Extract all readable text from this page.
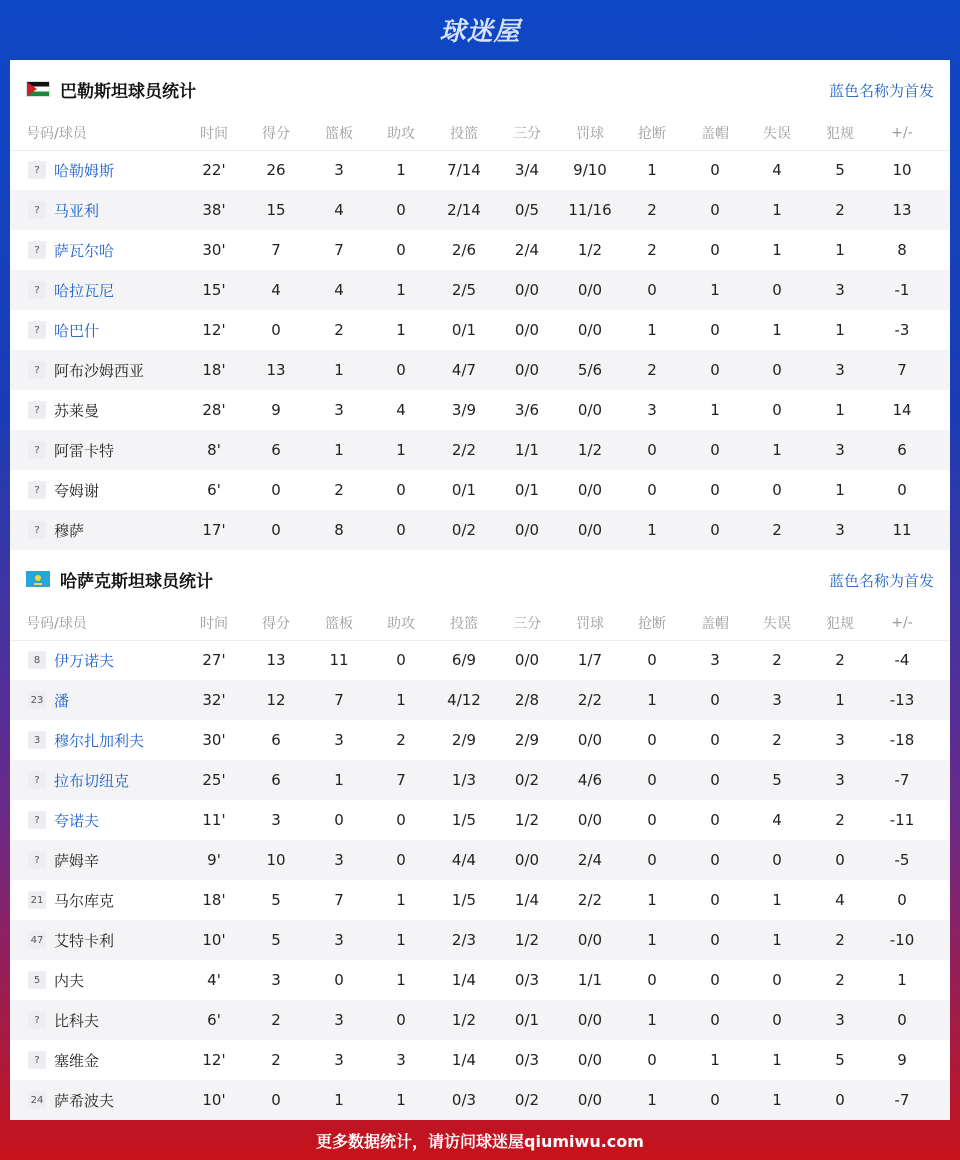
球迷屋
巴勒斯坦球员统计	蓝色名称为首发
号码/球员	时间 得分	篮板 助攻	投篮	三分	罚球 抢断	盖帽 失误	犯规	+/-
? 哈勒姆斯	22'	26	3	1	7/14 3/4 9/10	1	0	4	5	10
? 马亚利	38'	15	4	0	2/14 0/5 11/16 2	0	1	2	13
? 萨瓦尔哈	30'	7	7	0	2/6	2/4	1/2	2	0	1	1	8
? 哈拉瓦尼	15'	4	4	1	2/5	0/0	0/0	0	1	0	3	-1
? 哈巴什	12'	0	2	1	0/1	0/0	0/0	1	0	1	1	-3
? 阿布沙姆西亚	18'	13	1	0	4/7	0/0	5/6	2	0	0	3	7
? 苏莱曼	28'	9	3	4	3/9	3/6	0/0	3	1	0	1	14
? 阿雷卡特	8'	6	1	1	2/2	1/1	1/2	0	0	1	3	6
? 夸姆谢	6'	0	2	0	0/1	0/1	0/0	0	0	0	1	0
? 穆萨	17'	0	8	0	0/2	0/0	0/0	1	0	2	3	11
哈萨克斯坦球员统计	蓝色名称为首发
号码/球员	时间 得分	篮板 助攻	投篮	三分	罚球 抢断	盖帽 失误	犯规	+/-
8 伊万诺夫	27'	13	11	0	6/9	0/0	1/7	0	3	2	2	-4
23 潘	32'	12	7	1	4/12 2/8	2/2	1	0	3	1	-13
3 穆尔扎加利夫	30'	6	3	2	2/9	2/9	0/0	0	0	2	3	-18
? 拉布切纽克	25'	6	1	7	1/3	0/2	4/6	0	0	5	3	-7
? 夸诺夫	11'	3	0	0	1/5	1/2	0/0	0	0	4	2	-11
? 萨姆辛	9'	10	3	0	4/4	0/0	2/4	0	0	0	0	-5
21 马尔库克	18'	5	7	1	1/5	1/4	2/2	1	0	1	4	0
47 艾特卡利	10'	5	3	1	2/3	1/2	0/0	1	0	1	2	-10
5 内夫	4'	3	0	1	1/4	0/3	1/1	0	0	0	2	1
? 比科夫	6'	2	3	0	1/2	0/1	0/0	1	0	0	3	0
? 塞维金	12'	2	3	3	1/4	0/3	0/0	0	1	1	5	9
24 萨希波夫	10'	0	1	1	0/3	0/2	0/0	1	0	1	0	-7
更多数据统计，请访问球迷屋qiumiwu.com
